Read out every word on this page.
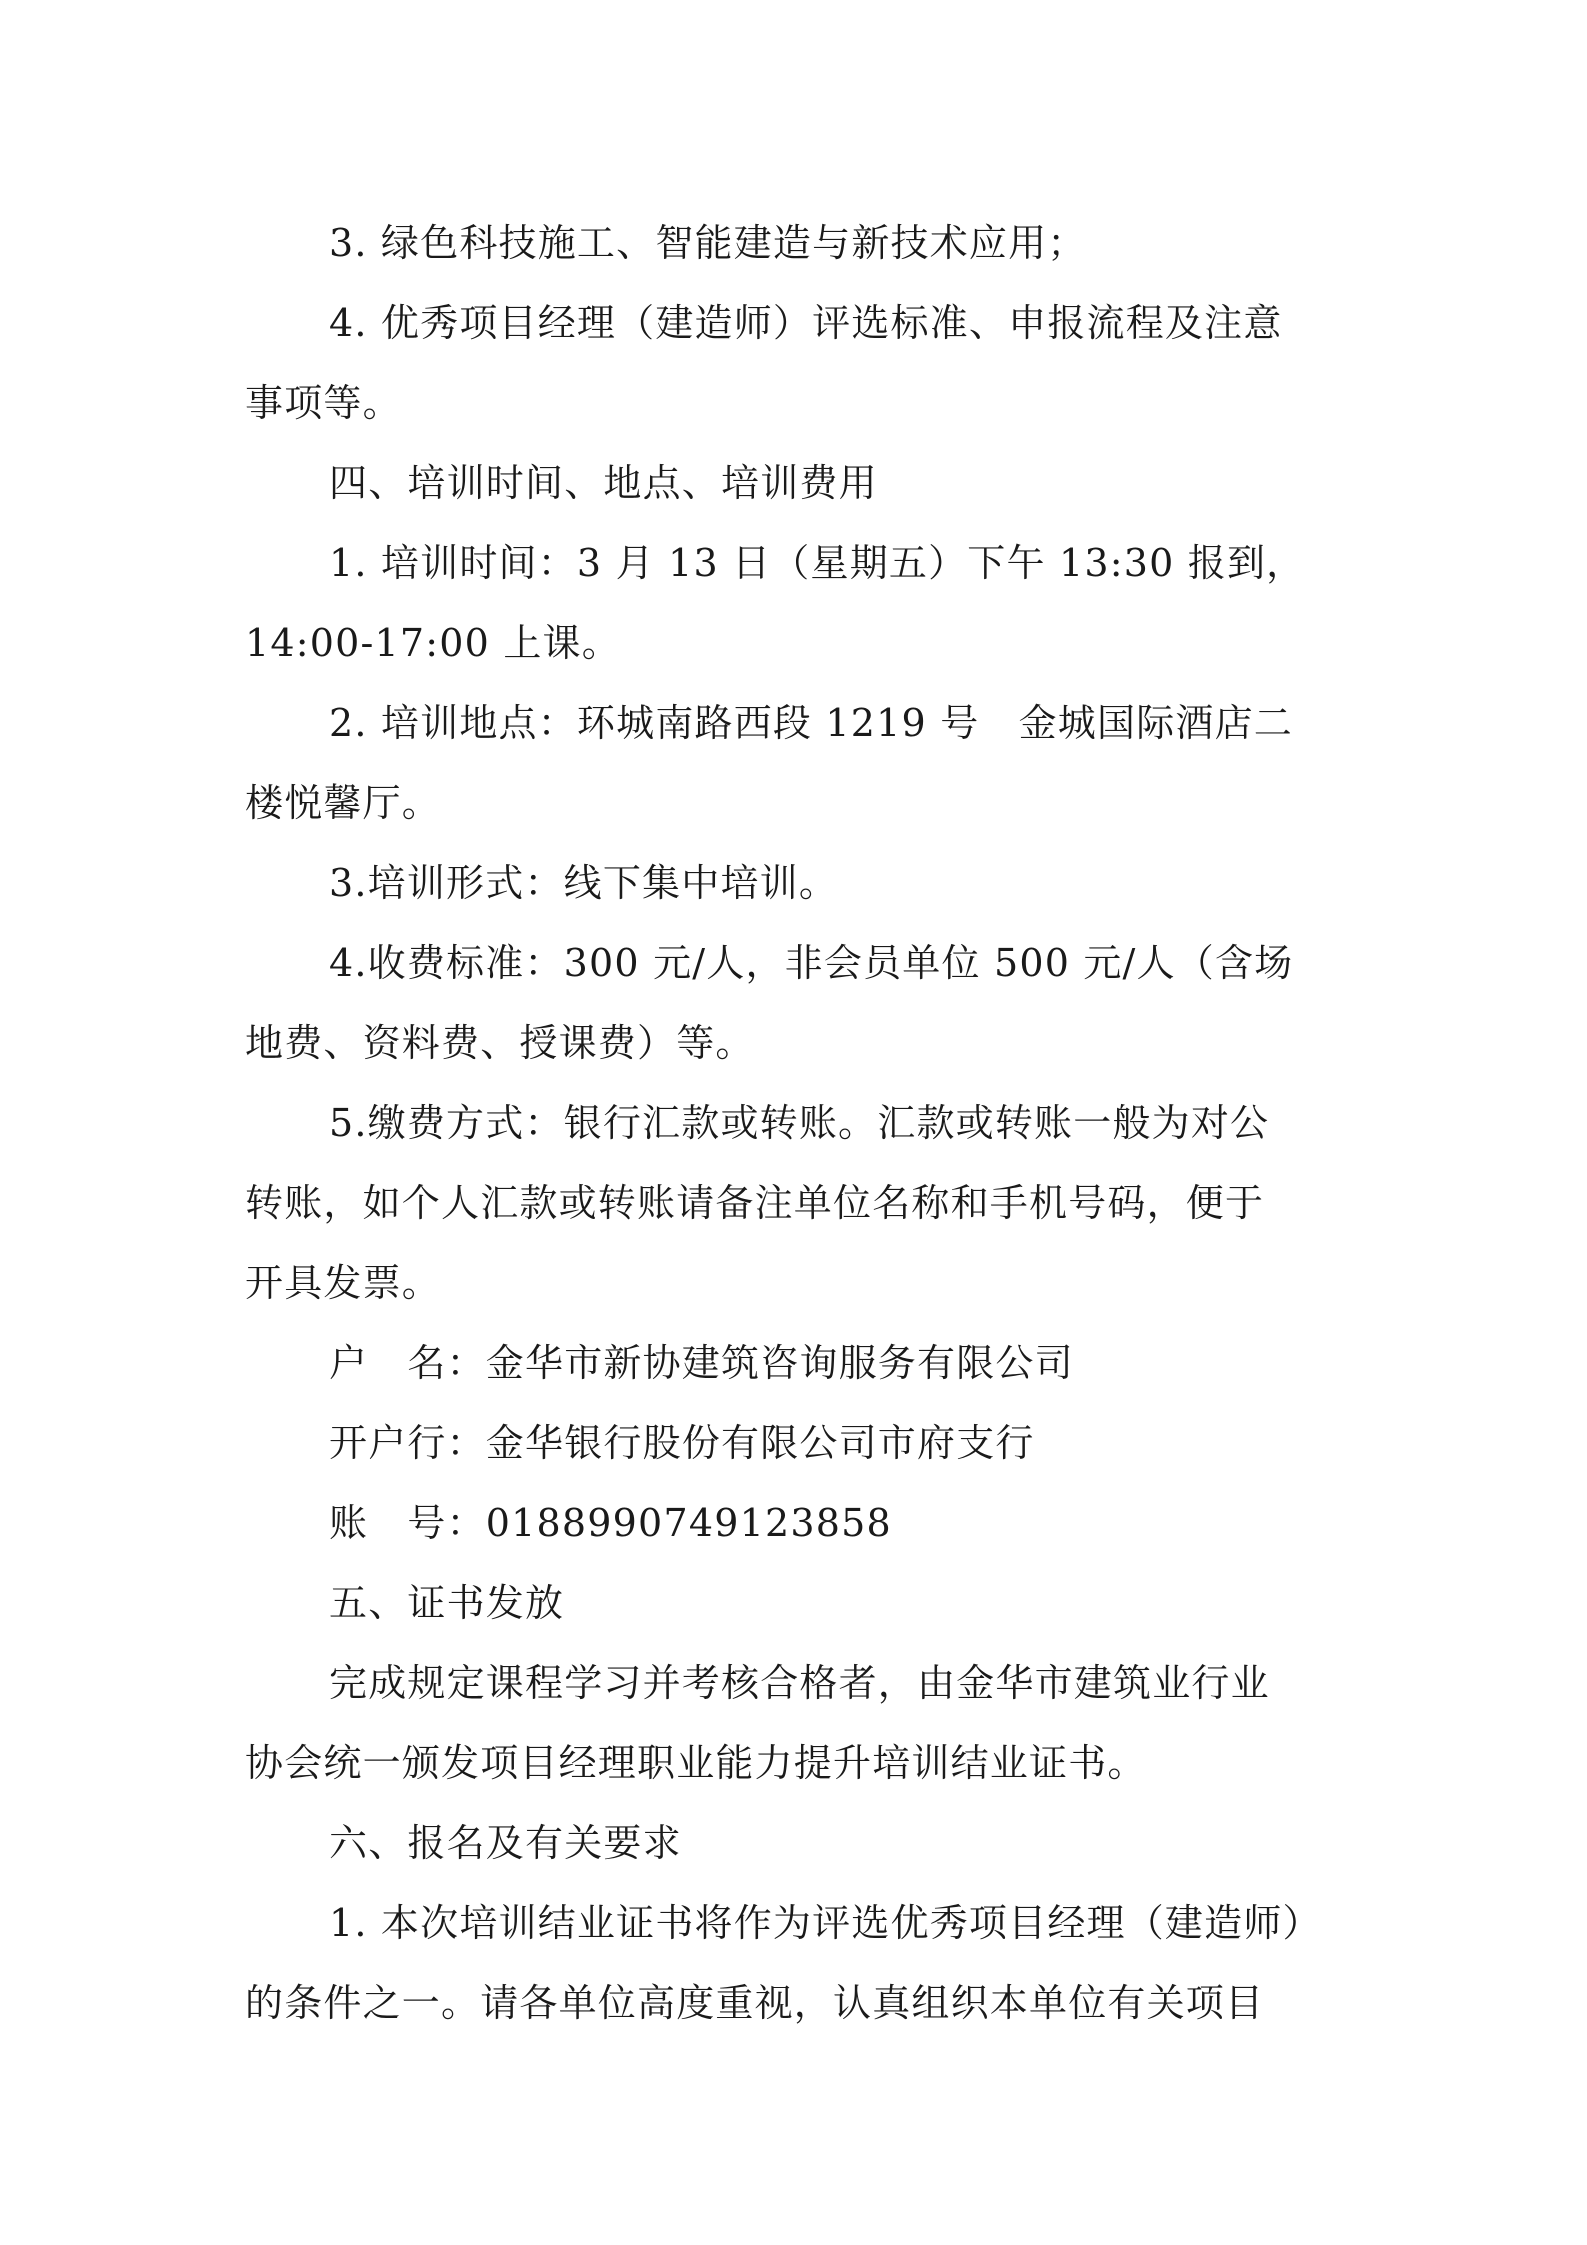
3. 绿色科技施工、智能建造与新技术应用；
4. 优秀项目经理（建造师）评选标准、申报流程及注意
事项等。
四、培训时间、地点、培训费用
1. 培训时间：3 月 13 日（星期五）下午 13:30 报到，
14:00-17:00 上课。
2. 培训地点：环城南路西段 1219 号　金城国际酒店二
楼悦馨厅。
3.培训形式：线下集中培训。
4.收费标准：300 元/人，非会员单位 500 元/人（含场
地费、资料费、授课费）等。
5.缴费方式：银行汇款或转账。汇款或转账一般为对公
转账，如个人汇款或转账请备注单位名称和手机号码，便于
开具发票。
户　名：金华市新协建筑咨询服务有限公司
开户行：金华银行股份有限公司市府支行
账　号：0188990749123858
五、证书发放
完成规定课程学习并考核合格者，由金华市建筑业行业
协会统一颁发项目经理职业能力提升培训结业证书。
六、报名及有关要求
1. 本次培训结业证书将作为评选优秀项目经理（建造师）
的条件之一。请各单位高度重视，认真组织本单位有关项目
